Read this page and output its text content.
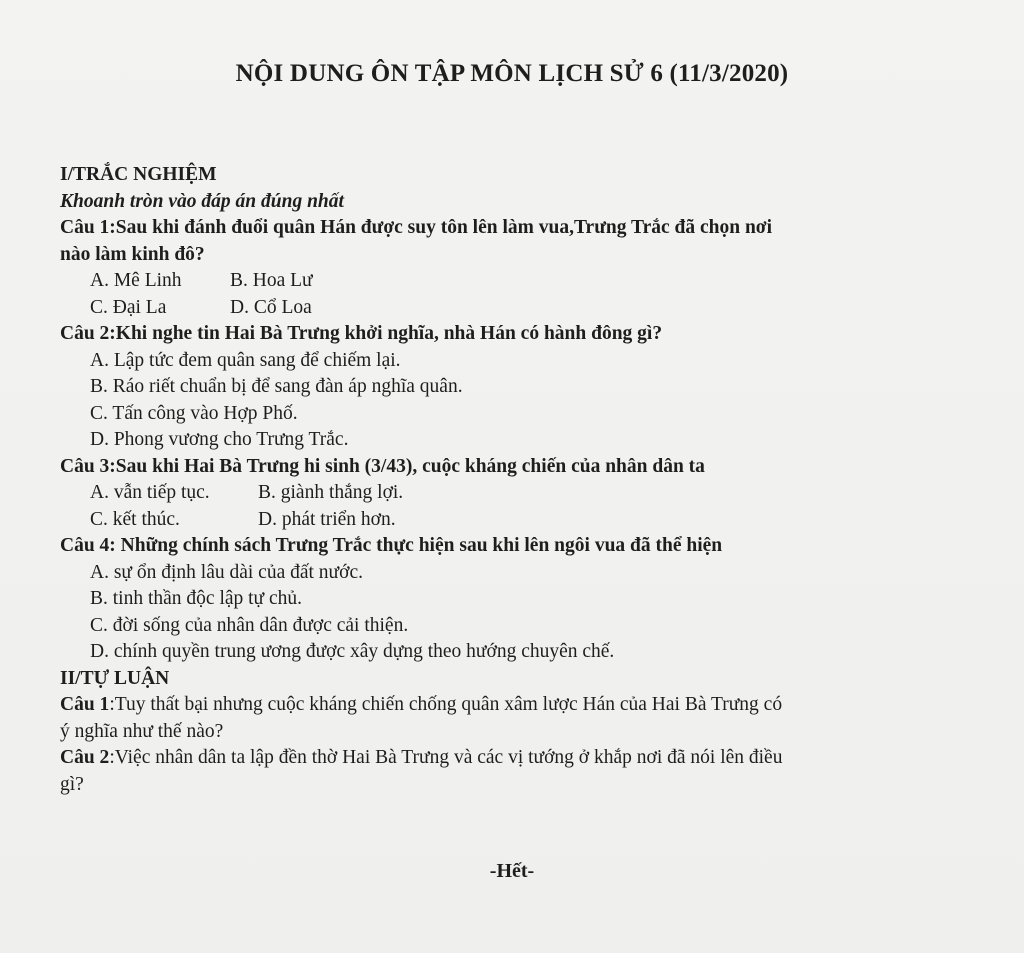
NỘI DUNG ÔN TẬP MÔN LỊCH SỬ 6 (11/3/2020)
I/TRẮC NGHIỆM
Khoanh tròn vào đáp án đúng nhất
Câu 1:Sau khi đánh đuổi quân Hán được suy tôn lên làm vua,Trưng Trắc đã chọn nơi
nào làm kinh đô?
A. Mê Linh B. Hoa Lư
C. Đại La	D. Cổ Loa
Câu 2:Khi nghe tin Hai Bà Trưng khởi nghĩa, nhà Hán có hành đông gì?
A. Lập tức đem quân sang để chiếm lại.
B. Ráo riết chuẩn bị để sang đàn áp nghĩa quân.
C. Tấn công vào Hợp Phố.
D. Phong vương cho Trưng Trắc.
Câu 3:Sau khi Hai Bà Trưng hi sinh (3/43), cuộc kháng chiến của nhân dân ta
A. vẫn tiếp tục. B. giành thắng lợi.
C. kết thúc.	D. phát triển hơn.
Câu 4: Những chính sách Trưng Trắc thực hiện sau khi lên ngôi vua đã thể hiện
A. sự ổn định lâu dài của đất nước.
B. tinh thần độc lập tự chủ.
C. đời sống của nhân dân được cải thiện.
D. chính quyền trung ương được xây dựng theo hướng chuyên chế.
II/TỰ LUẬN
Câu 1:Tuy thất bại nhưng cuộc kháng chiến chống quân xâm lược Hán của Hai Bà Trưng có
ý nghĩa như thế nào?
Câu 2:Việc nhân dân ta lập đền thờ Hai Bà Trưng và các vị tướng ở khắp nơi đã nói lên điều
gì?
-Hết-
